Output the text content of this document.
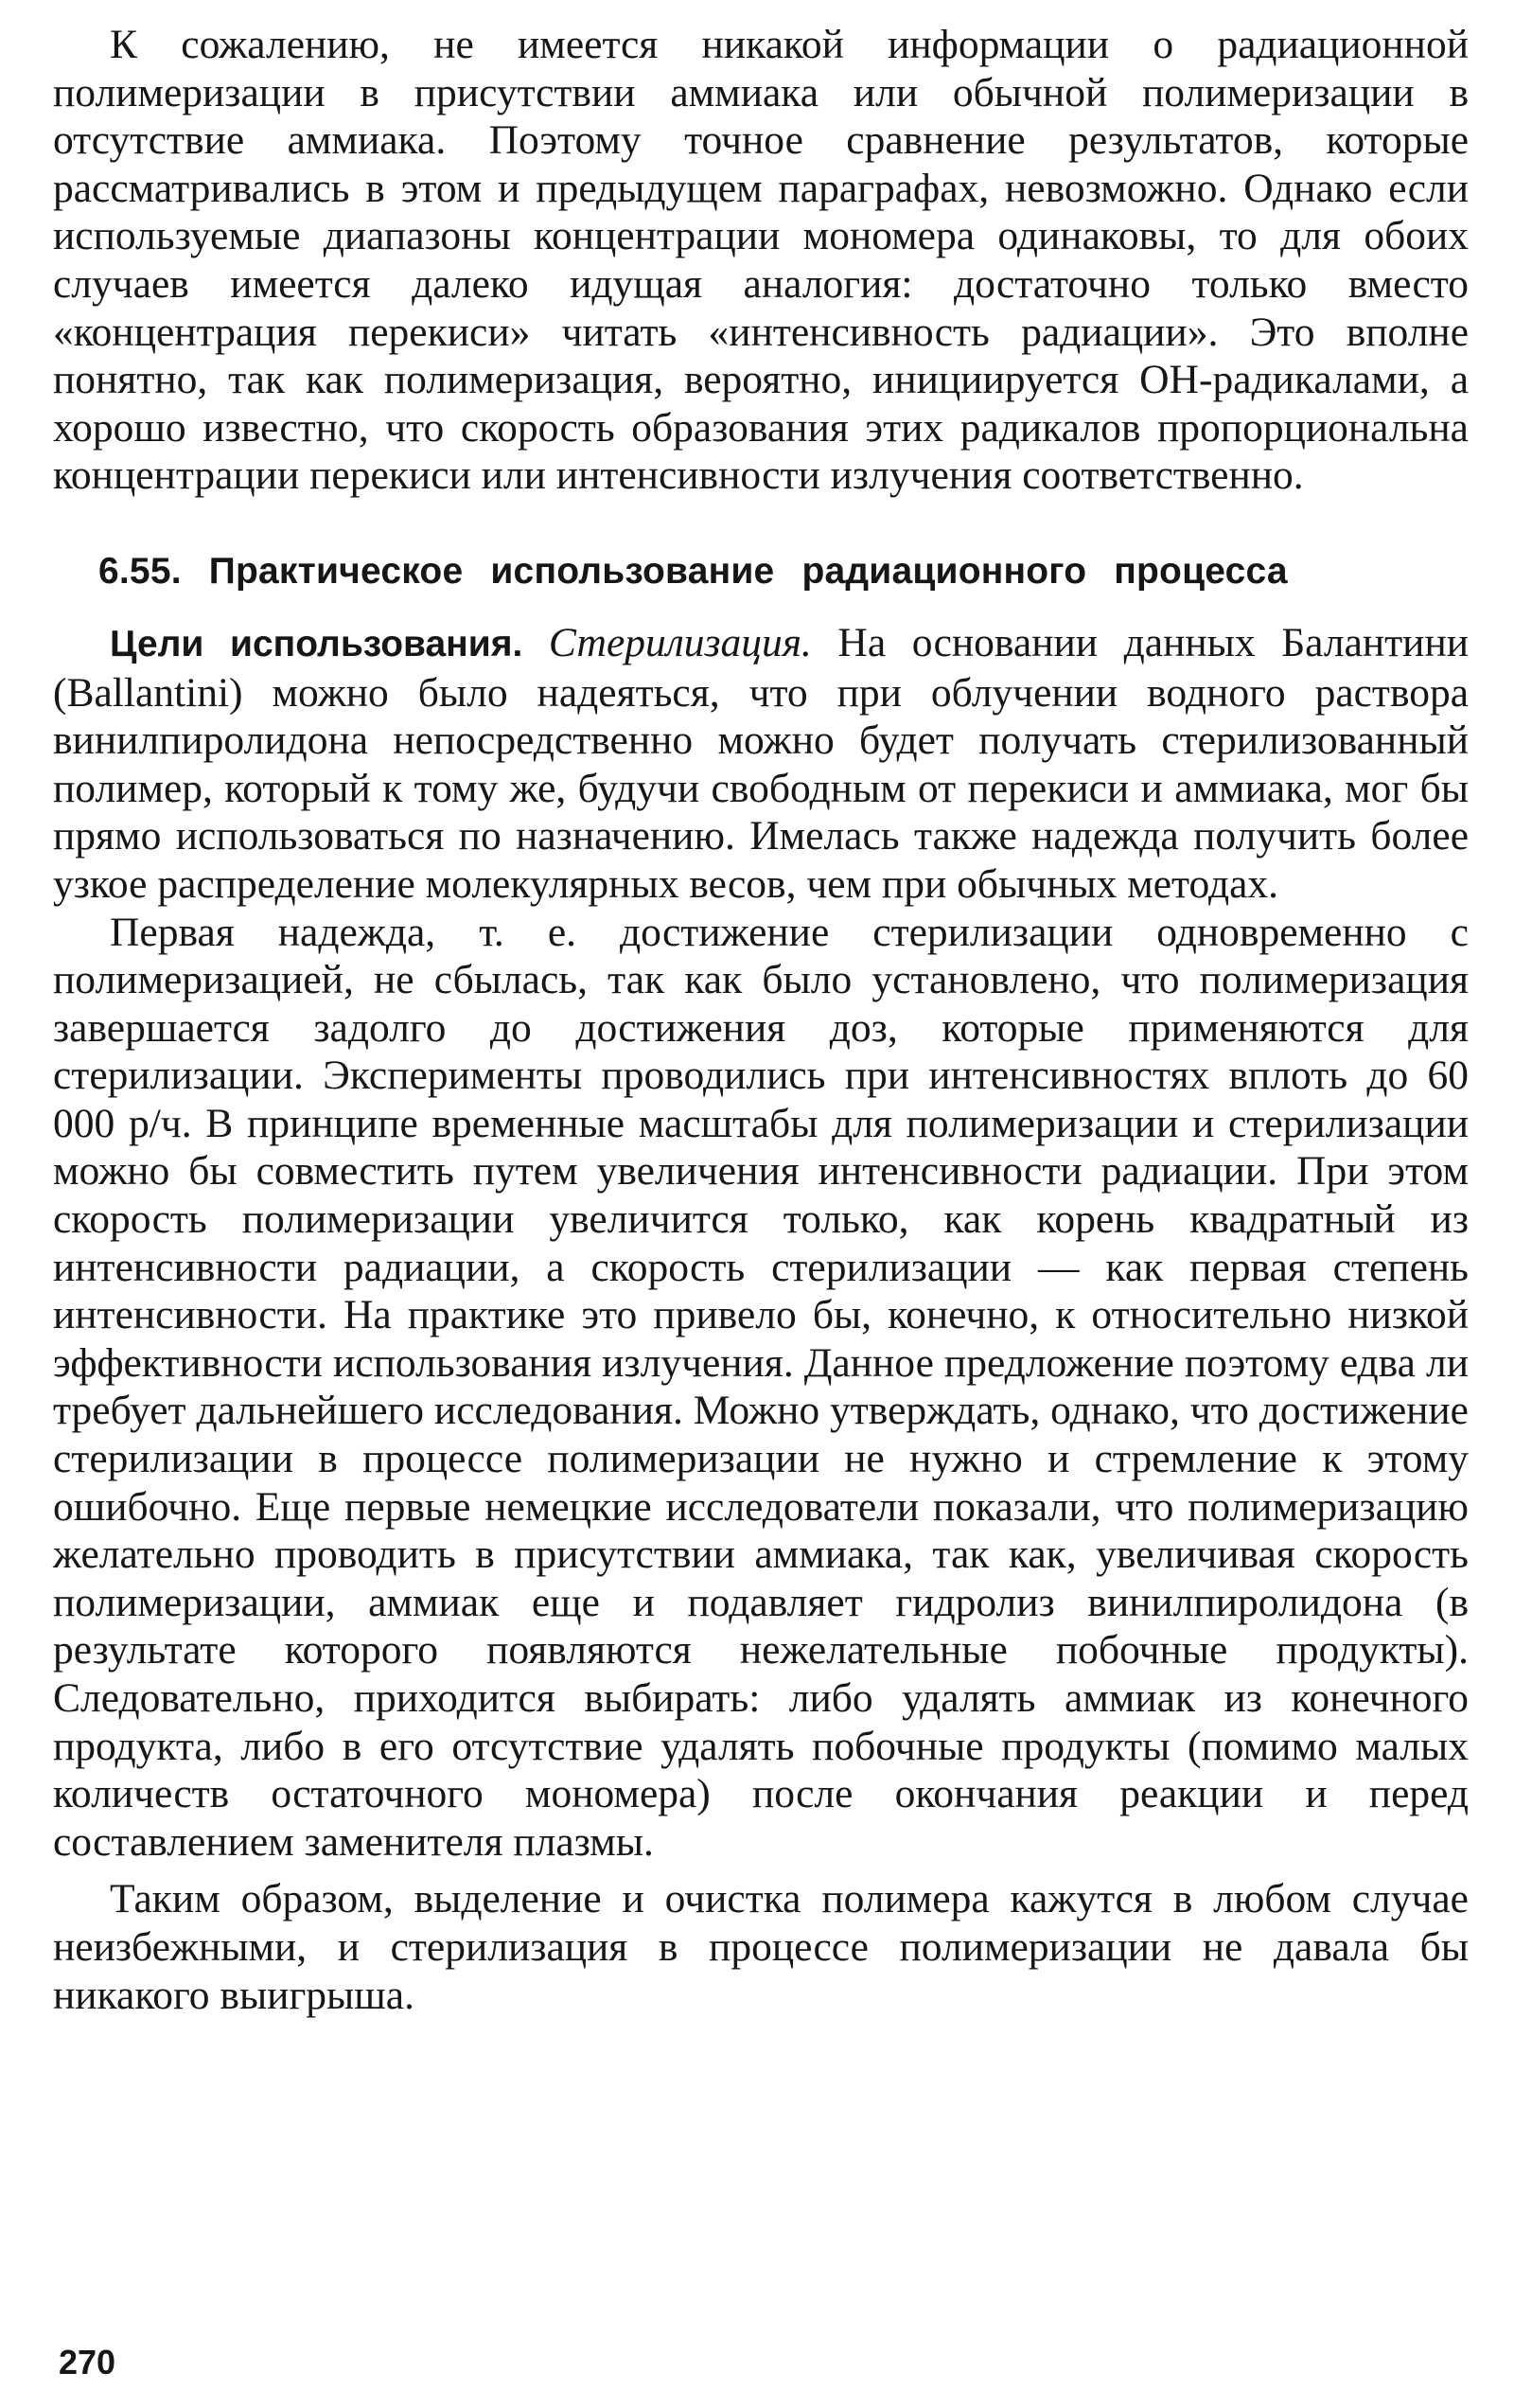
К сожалению, не имеется никакой информации о радиационной полимеризации в присутствии аммиака или обычной полимеризации в отсутствие аммиака. Поэтому точное сравнение результатов, которые рассматривались в этом и предыдущем параграфах, невозможно. Однако если используемые диапазоны концентрации мономера одинаковы, то для обоих случаев имеется далеко идущая аналогия: достаточно только вместо «концентрация перекиси» читать «интенсивность радиации». Это вполне понятно, так как полимеризация, вероятно, инициируется ОН-радикалами, а хорошо известно, что скорость образования этих радикалов пропорциональна концентрации перекиси или интенсивности излучения соответственно.

6.55. Практическое использование радиационного процесса

Цели использования. Стерилизация. На основании данных Балантини (Ballantini) можно было надеяться, что при облучении водного раствора винилпиролидона непосредственно можно будет получать стерилизованный полимер, который к тому же, будучи свободным от перекиси и аммиака, мог бы прямо использоваться по назначению. Имелась также надежда получить более узкое распределение молекулярных весов, чем при обычных методах.

Первая надежда, т. е. достижение стерилизации одновременно с полимеризацией, не сбылась, так как было установлено, что полимеризация завершается задолго до достижения доз, которые применяются для стерилизации. Эксперименты проводились при интенсивностях вплоть до 60 000 р/ч. В принципе временные масштабы для полимеризации и стерилизации можно бы совместить путем увеличения интенсивности радиации. При этом скорость полимеризации увеличится только, как корень квадратный из интенсивности радиации, а скорость стерилизации — как первая степень интенсивности. На практике это привело бы, конечно, к относительно низкой эффективности использования излучения. Данное предложение поэтому едва ли требует дальнейшего исследования. Можно утверждать, однако, что достижение стерилизации в процессе полимеризации не нужно и стремление к этому ошибочно. Еще первые немецкие исследователи показали, что полимеризацию желательно проводить в присутствии аммиака, так как, увеличивая скорость полимеризации, аммиак еще и подавляет гидролиз винилпиролидона (в результате которого появляются нежелательные побочные продукты). Следовательно, приходится выбирать: либо удалять аммиак из конечного продукта, либо в его отсутствие удалять побочные продукты (помимо малых количеств остаточного мономера) после окончания реакции и перед составлением заменителя плазмы.

Таким образом, выделение и очистка полимера кажутся в любом случае неизбежными, и стерилизация в процессе полимеризации не давала бы никакого выигрыша.

270
